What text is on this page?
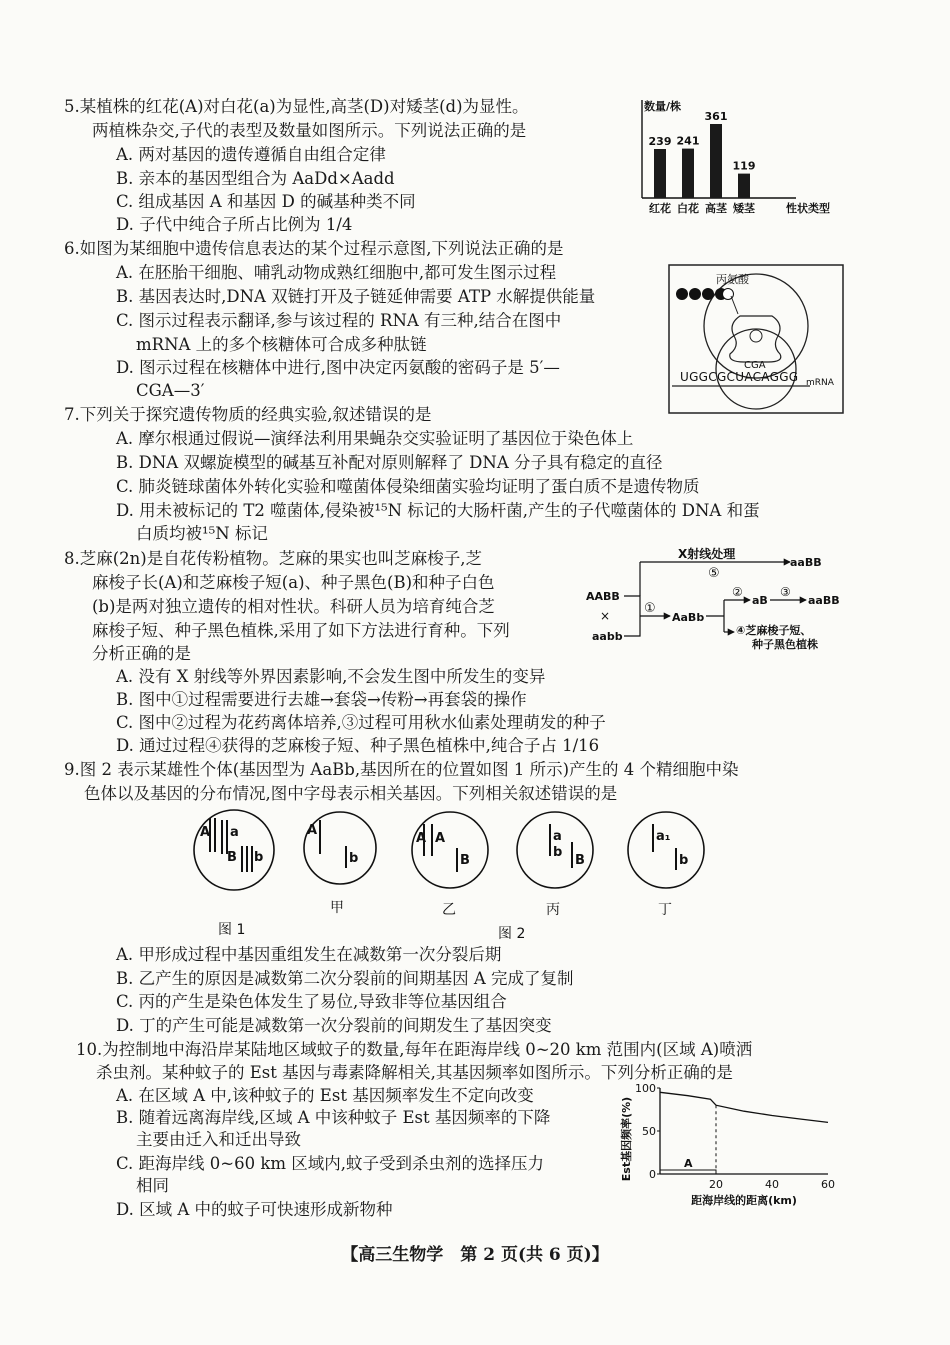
5.某植株的红花(A)对白花(a)为显性,高茎(D)对矮茎(d)为显性。
两植株杂交,子代的表型及数量如图所示。下列说法正确的是
A. 两对基因的遗传遵循自由组合定律
B. 亲本的基因型组合为 AaDd×Aadd
C. 组成基因 A 和基因 D 的碱基种类不同
D. 子代中纯合子所占比例为 1/4
数量/株
性状类型
239
红花
241
白花
361
高茎
119
矮茎
6.如图为某细胞中遗传信息表达的某个过程示意图,下列说法正确的是
A. 在胚胎干细胞、哺乳动物成熟红细胞中,都可发生图示过程
B. 基因表达时,DNA 双链打开及子链延伸需要 ATP 水解提供能量
C. 图示过程表示翻译,参与该过程的 RNA 有三种,结合在图中
mRNA 上的多个核糖体可合成多种肽链
D. 图示过程在核糖体中进行,图中决定丙氨酸的密码子是 5′—
CGA—3′
丙氨酸
CGA
UGGCGCUACAGGG mRNA
7.下列关于探究遗传物质的经典实验,叙述错误的是
A. 摩尔根通过假说—演绎法利用果蝇杂交实验证明了基因位于染色体上
B. DNA 双螺旋模型的碱基互补配对原则解释了 DNA 分子具有稳定的直径
C. 肺炎链球菌体外转化实验和噬菌体侵染细菌实验均证明了蛋白质不是遗传物质
D. 用未被标记的 T2 噬菌体,侵染被¹⁵N 标记的大肠杆菌,产生的子代噬菌体的 DNA 和蛋
白质均被¹⁵N 标记
8.芝麻(2n)是自花传粉植物。芝麻的果实也叫芝麻梭子,芝
麻梭子长(A)和芝麻梭子短(a)、种子黑色(B)和种子白色
(b)是两对独立遗传的相对性状。科研人员为培育纯合芝
麻梭子短、种子黑色植株,采用了如下方法进行育种。下列
分析正确的是
A. 没有 X 射线等外界因素影响,不会发生图中所发生的变异
B. 图中①过程需要进行去雄→套袋→传粉→再套袋的操作
C. 图中②过程为花药离体培养,③过程可用秋水仙素处理萌发的种子
D. 通过过程④获得的芝麻梭子短、种子黑色植株中,纯合子占 1/16
X射线处理
⑤
AABB
×
aabb
aaBB
①
AaBb
②
aB
③
aaBB
④芝麻梭子短、
种子黑色植株
9.图 2 表示某雄性个体(基因型为 AaBb,基因所在的位置如图 1 所示)产生的 4 个精细胞中染
色体以及基因的分布情况,图中字母表示相关基因。下列相关叙述错误的是
A a
B b
A
b
A A
B
a
b
B
a₁
b
图 1
甲	乙	丙	丁
图 2
A. 甲形成过程中基因重组发生在减数第一次分裂后期
B. 乙产生的原因是减数第二次分裂前的间期基因 A 完成了复制
C. 丙的产生是染色体发生了易位,导致非等位基因组合
D. 丁的产生可能是减数第一次分裂前的间期发生了基因突变
10.为控制地中海沿岸某陆地区域蚊子的数量,每年在距海岸线 0~20 km 范围内(区域 A)喷洒
杀虫剂。某种蚊子的 Est 基因与毒素降解相关,其基因频率如图所示。下列分析正确的是
A. 在区域 A 中,该种蚊子的 Est 基因频率发生不定向改变
B. 随着远离海岸线,区域 A 中该种蚊子 Est 基因频率的下降
主要由迁入和迁出导致
C. 距海岸线 0~60 km 区域内,蚊子受到杀虫剂的选择压力
相同
D. 区域 A 中的蚊子可快速形成新物种
0
50
100
20	40	60
A
距海岸线的距离(km)
Est基因频率(%)
【高三生物学　第 2 页(共 6 页)】
